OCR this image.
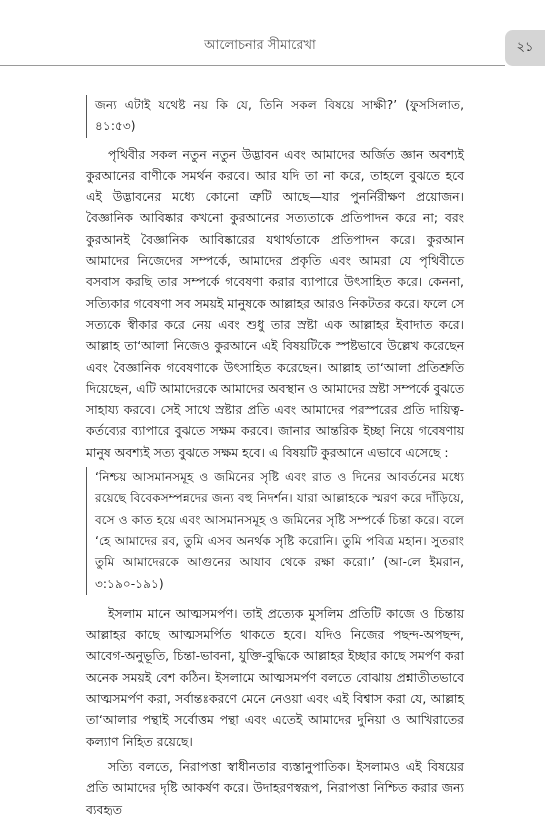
আলোচনার সীমারেখা	২১
জন্য এটাই যথেষ্ট নয় কি যে, তিনি সকল বিষয়ে সাক্ষী?’ (ফুসসিলাত, ৪১:৫৩)

পৃথিবীর সকল নতুন নতুন উদ্ভাবন এবং আমাদের অর্জিত জ্ঞান অবশ্যই কুরআনের বাণীকে সমর্থন করবে। আর যদি তা না করে, তাহলে বুঝতে হবে এই উদ্ভাবনের মধ্যে কোনো ত্রুটি আছে—যার পুনর্নিরীক্ষণ প্রয়োজন। বৈজ্ঞানিক আবিষ্কার কখনো কুরআনের সত্যতাকে প্রতিপাদন করে না; বরং কুরআনই বৈজ্ঞানিক আবিষ্কারের যথার্থতাকে প্রতিপাদন করে। কুরআন আমাদের নিজেদের সম্পর্কে, আমাদের প্রকৃতি এবং আমরা যে পৃথিবীতে বসবাস করছি তার সম্পর্কে গবেষণা করার ব্যাপারে উৎসাহিত করে। কেননা, সত্যিকার গবেষণা সব সময়ই মানুষকে আল্লাহর আরও নিকটতর করে। ফলে সে সত্যকে স্বীকার করে নেয় এবং শুধু তার স্রষ্টা এক আল্লাহর ইবাদাত করে। আল্লাহ তা‘আলা নিজেও কুরআনে এই বিষয়টিকে স্পষ্টভাবে উল্লেখ করেছেন এবং বৈজ্ঞানিক গবেষণাকে উৎসাহিত করেছেন। আল্লাহ তা‘আলা প্রতিশ্রুতি দিয়েছেন, এটি আমাদেরকে আমাদের অবস্থান ও আমাদের স্রষ্টা সম্পর্কে বুঝতে সাহায্য করবে। সেই সাথে স্রষ্টার প্রতি এবং আমাদের পরস্পরের প্রতি দায়িত্ব-কর্তব্যের ব্যাপারে বুঝতে সক্ষম করবে। জানার আন্তরিক ইচ্ছা নিয়ে গবেষণায় মানুষ অবশ্যই সত্য বুঝতে সক্ষম হবে। এ বিষয়টি কুরআনে এভাবে এসেছে :

‘নিশ্চয় আসমানসমূহ ও জমিনের সৃষ্টি এবং রাত ও দিনের আবর্তনের মধ্যে রয়েছে বিবেকসম্পন্নদের জন্য বহু নিদর্শন। যারা আল্লাহকে স্মরণ করে দাঁড়িয়ে, বসে ও কাত হয়ে এবং আসমানসমূহ ও জমিনের সৃষ্টি সম্পর্কে চিন্তা করে। বলে ‘হে আমাদের রব, তুমি এসব অনর্থক সৃষ্টি করোনি। তুমি পবিত্র মহান। সুতরাং তুমি আমাদেরকে আগুনের আযাব থেকে রক্ষা করো।’ (আ-লে ইমরান, ৩:১৯০-১৯১)

ইসলাম মানে আত্মসমর্পণ। তাই প্রত্যেক মুসলিম প্রতিটি কাজে ও চিন্তায় আল্লাহর কাছে আত্মসমর্পিত থাকতে হবে। যদিও নিজের পছন্দ-অপছন্দ, আবেগ-অনুভূতি, চিন্তা-ভাবনা, যুক্তি-বুদ্ধিকে আল্লাহর ইচ্ছার কাছে সমর্পণ করা অনেক সময়ই বেশ কঠিন। ইসলামে আত্মসমর্পণ বলতে বোঝায় প্রশ্নাতীতভাবে আত্মসমর্পণ করা, সর্বান্তঃকরণে মেনে নেওয়া এবং এই বিশ্বাস করা যে, আল্লাহ তা‘আলার পন্থাই সর্বোত্তম পন্থা এবং এতেই আমাদের দুনিয়া ও আখিরাতের কল্যাণ নিহিত রয়েছে।

সত্যি বলতে, নিরাপত্তা স্বাধীনতার ব্যস্তানুপাতিক। ইসলামও এই বিষয়ের প্রতি আমাদের দৃষ্টি আকর্ষণ করে। উদাহরণস্বরূপ, নিরাপত্তা নিশ্চিত করার জন্য ব্যবহৃত
